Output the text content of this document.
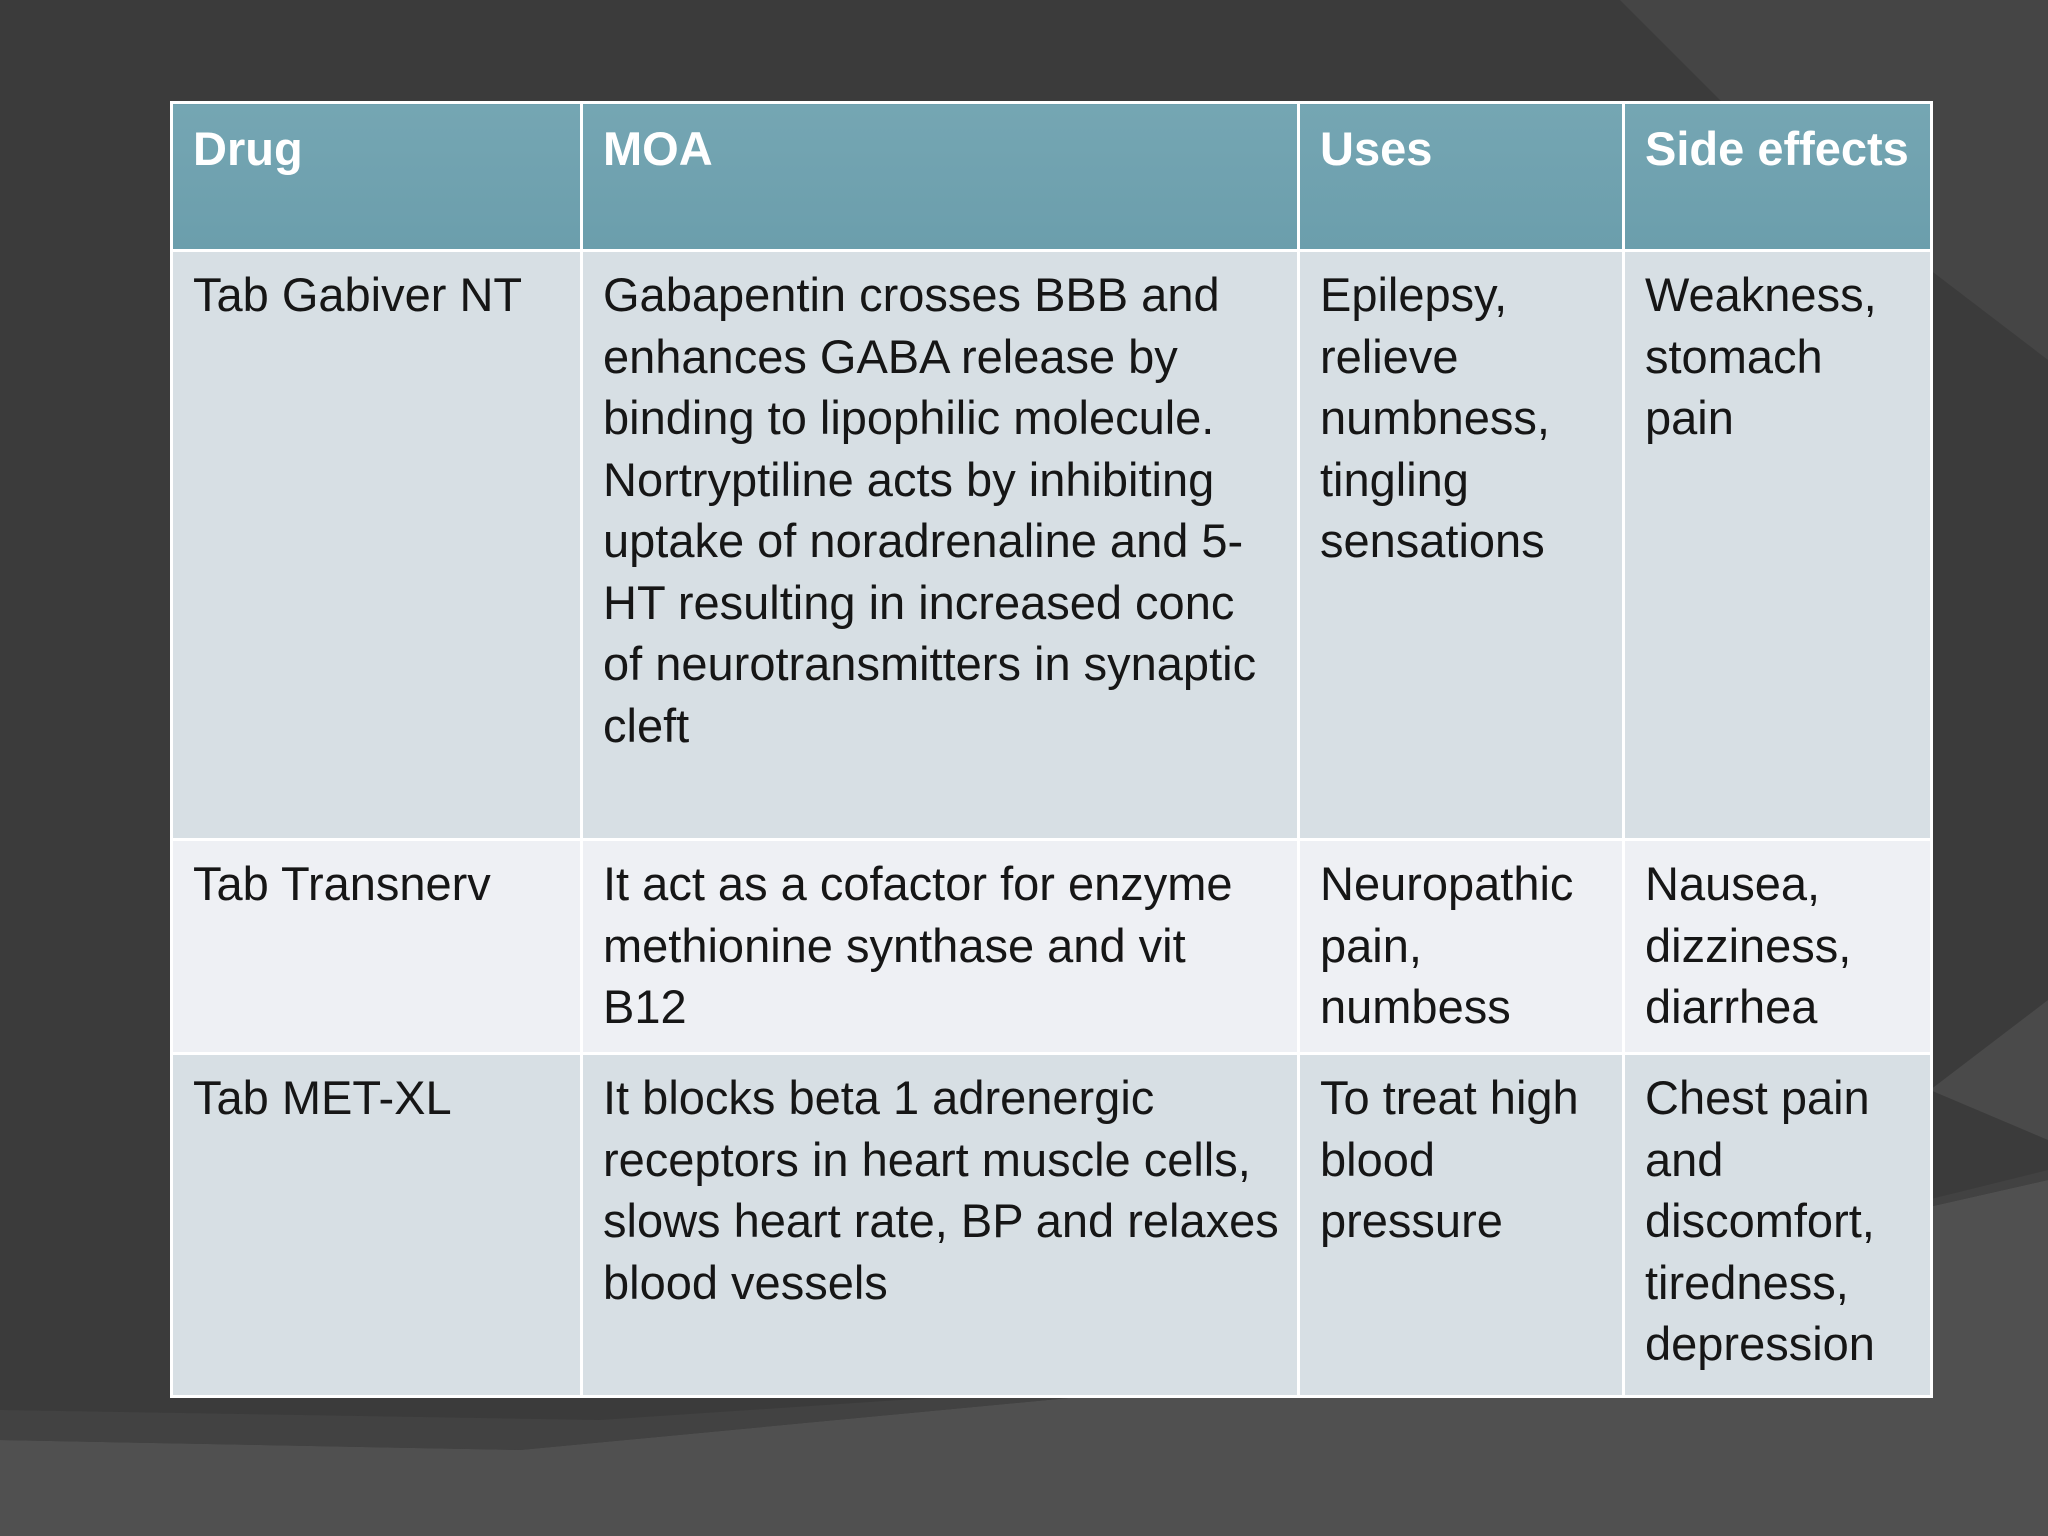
Drug	MOA	Uses	Side effects
Tab Gabiver NT	Gabapentin crosses BBB and enhances GABA release by binding to lipophilic molecule. Nortryptiline acts by inhibiting uptake of noradrenaline and 5-HT resulting in increased conc of neurotransmitters in synaptic cleft	Epilepsy, relieve numbness, tingling sensations	Weakness, stomach pain
Tab Transnerv	It act as a cofactor for enzyme methionine synthase and vit B12	Neuropathic pain, numbess	Nausea, dizziness, diarrhea
Tab MET-XL	It blocks beta 1 adrenergic receptors in heart muscle cells, slows heart rate, BP and relaxes blood vessels	To treat high blood pressure	Chest pain and discomfort, tiredness, depression
